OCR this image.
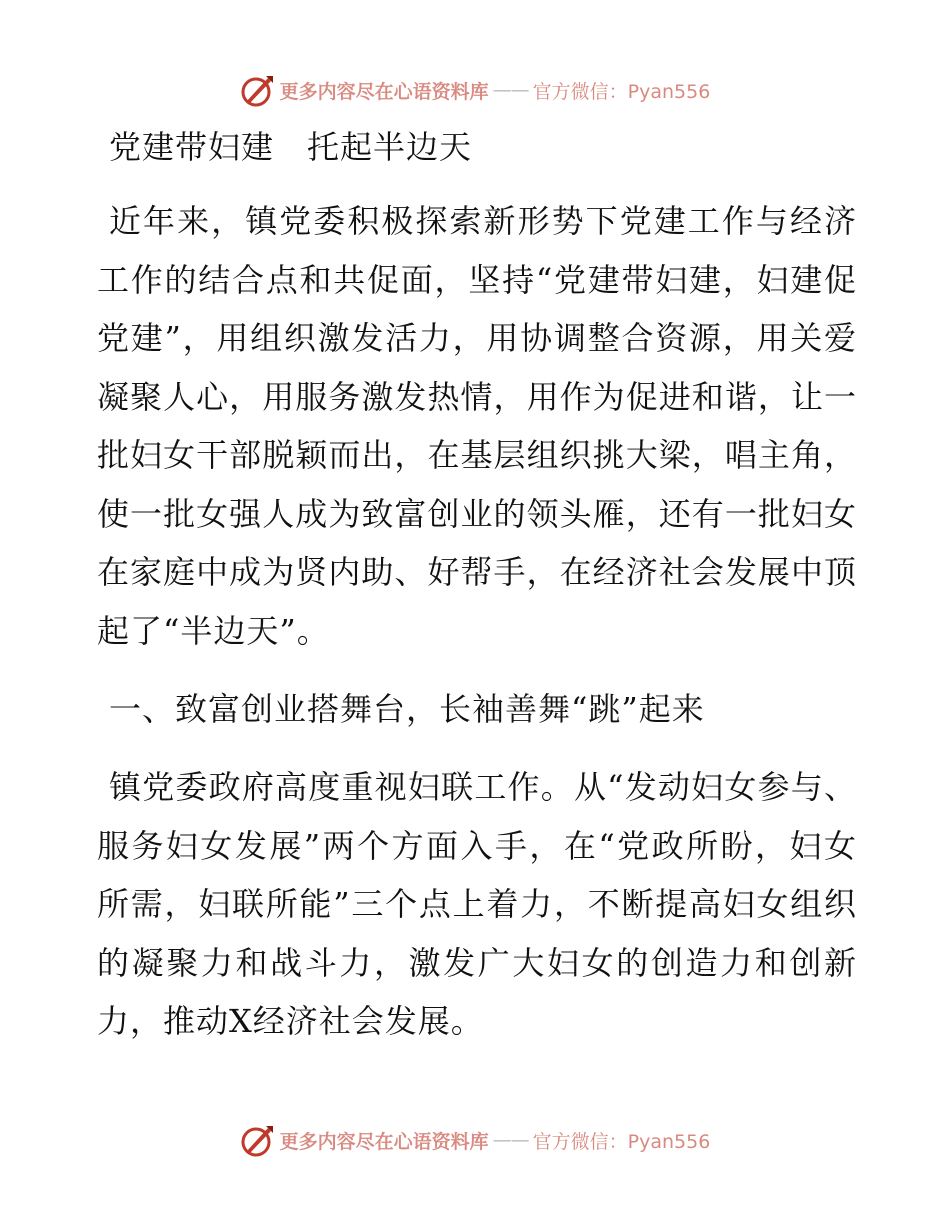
更多内容尽在心语资料库 —— 官方微信：Pyan556
党建带妇建　托起半边天

近年来，镇党委积极探索新形势下党建工作与经济工作的结合点和共促面，坚持“党建带妇建，妇建促党建”，用组织激发活力，用协调整合资源，用关爱凝聚人心，用服务激发热情，用作为促进和谐，让一批妇女干部脱颖而出，在基层组织挑大梁，唱主角，使一批女强人成为致富创业的领头雁，还有一批妇女在家庭中成为贤内助、好帮手，在经济社会发展中顶起了“半边天”。

一、致富创业搭舞台，长袖善舞“跳”起来

镇党委政府高度重视妇联工作。从“发动妇女参与、服务妇女发展”两个方面入手，在“党政所盼，妇女所需，妇联所能”三个点上着力，不断提高妇女组织的凝聚力和战斗力，激发广大妇女的创造力和创新力，推动X经济社会发展。

更多内容尽在心语资料库 —— 官方微信：Pyan556
